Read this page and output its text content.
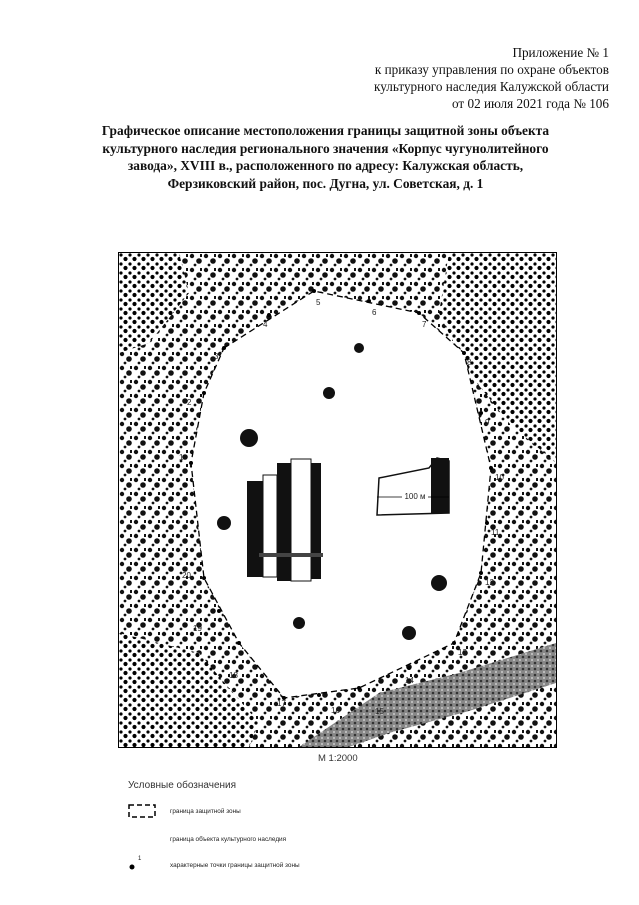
Приложение № 1
к приказу управления по охране объектов
культурного наследия Калужской области
от 02 июля 2021 года № 106
Графическое описание местоположения границы защитной зоны объекта
культурного наследия регионального значения «Корпус чугунолитейного
завода», XVIII в., расположенного по адресу: Калужская область,
Ферзиковский район, пос. Дугна, ул. Советская, д. 1
100 м
1
2
3
4
5
6
7
8
9
10
11
12
13
14
15
16
17
18
19
20
М 1:2000
Условные обозначения
граница защитной зоны
граница объекта культурного наследия
1
характерные точки границы защитной зоны
